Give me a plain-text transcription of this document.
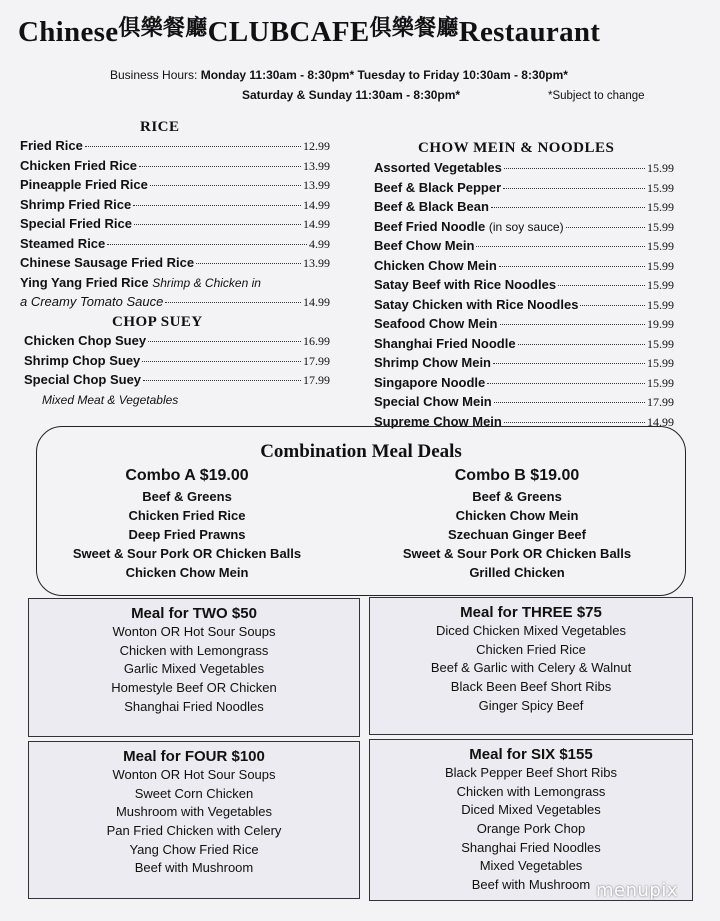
$Chinese^{俱樂餐廳}CLUBCAFE^{俱樂餐廳}Restaurant$
Business Hours: Monday 11:30am - 8:30pm* Tuesday to Friday 10:30am - 8:30pm*
Saturday & Sunday 11:30am - 8:30pm*	*Subject to change
RICE
Fried Rice	12.99
Chicken Fried Rice	13.99
Pineapple Fried Rice	13.99
Shrimp Fried Rice	14.99
Special Fried Rice	14.99
Steamed Rice	4.99
Chinese Sausage Fried Rice	13.99
Ying Yang Fried Rice Shrimp & Chicken in
a Creamy Tomato Sauce	14.99
CHOP SUEY
Chicken Chop Suey	16.99
Shrimp Chop Suey	17.99
Special Chop Suey	17.99
Mixed Meat & Vegetables
CHOW MEIN & NOODLES
Assorted Vegetables	15.99
Beef & Black Pepper	15.99
Beef & Black Bean	15.99
Beef Fried Noodle (in soy sauce)	15.99
Beef Chow Mein	15.99
Chicken Chow Mein	15.99
Satay Beef with Rice Noodles	15.99
Satay Chicken with Rice Noodles	15.99
Seafood Chow Mein	19.99
Shanghai Fried Noodle	15.99
Shrimp Chow Mein	15.99
Singapore Noodle	15.99
Special Chow Mein	17.99
Supreme Chow Mein	14.99
Combination Meal Deals
Combo A $19.00
Beef & Greens
Chicken Fried Rice
Deep Fried Prawns
Sweet & Sour Pork OR Chicken Balls
Chicken Chow Mein
Combo B $19.00
Beef & Greens
Chicken Chow Mein
Szechuan Ginger Beef
Sweet & Sour Pork OR Chicken Balls
Grilled Chicken
Meal for TWO $50
Wonton OR Hot Sour Soups
Chicken with Lemongrass
Garlic Mixed Vegetables
Homestyle Beef OR Chicken
Shanghai Fried Noodles
Meal for THREE $75
Diced Chicken Mixed Vegetables
Chicken Fried Rice
Beef & Garlic with Celery & Walnut
Black Been Beef Short Ribs
Ginger Spicy Beef
Meal for FOUR $100
Wonton OR Hot Sour Soups
Sweet Corn Chicken
Mushroom with Vegetables
Pan Fried Chicken with Celery
Yang Chow Fried Rice
Beef with Mushroom
Meal for SIX $155
Black Pepper Beef Short Ribs
Chicken with Lemongrass
Diced Mixed Vegetables
Orange Pork Chop
Shanghai Fried Noodles
Mixed Vegetables
Beef with Mushroom menupix
